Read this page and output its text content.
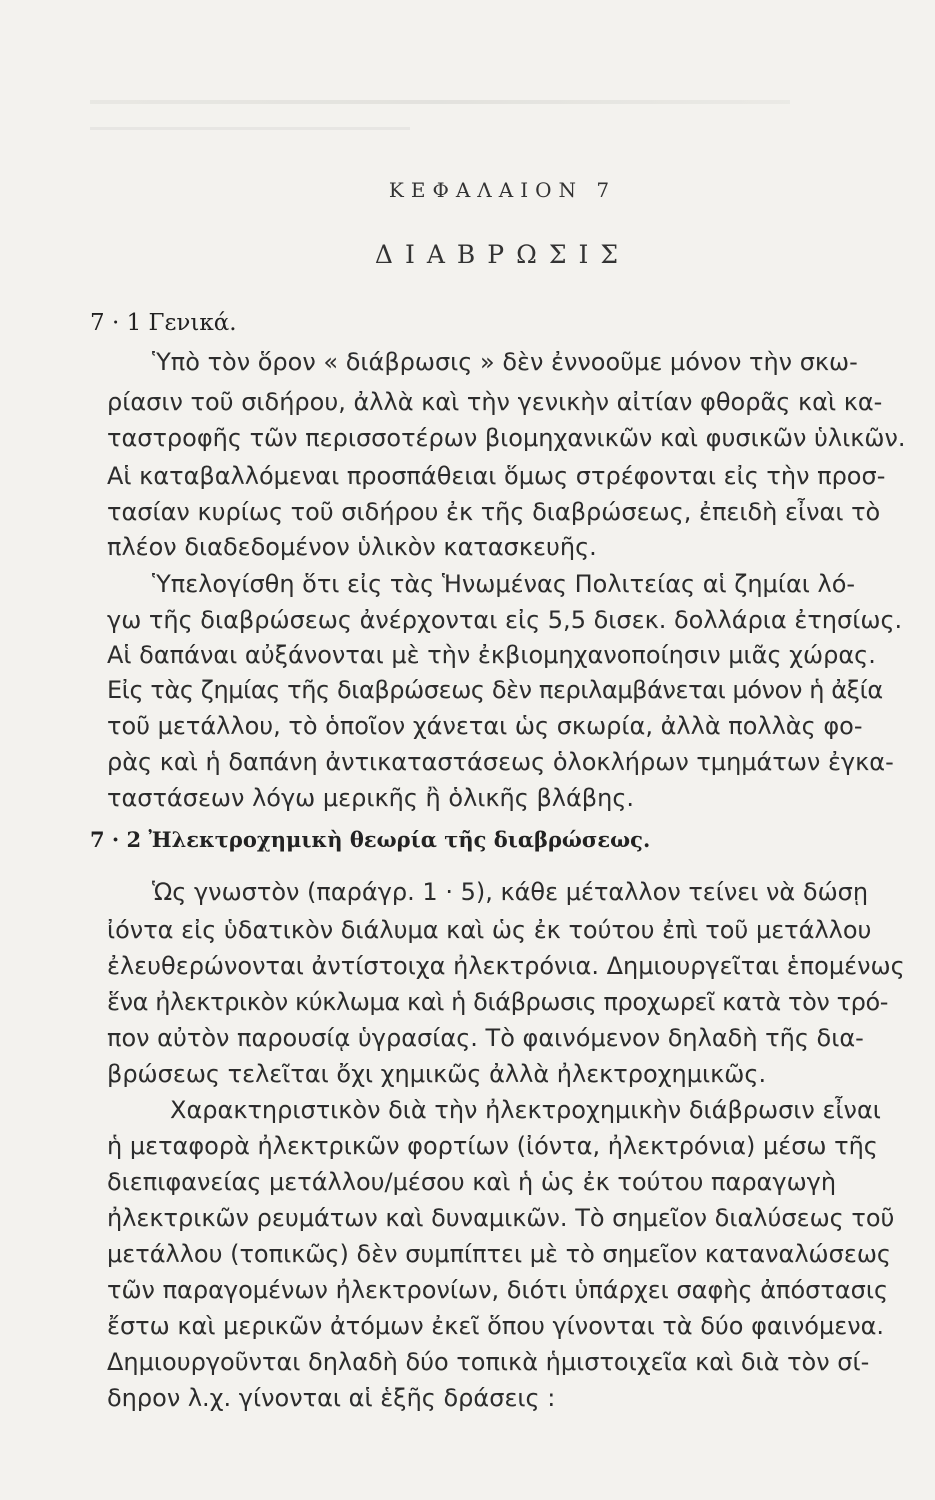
ΚΕΦΑΛΑΙΟΝ 7
ΔΙΑΒΡΩΣΙΣ
7 · 1 Γενικά.
Ὑπὸ τὸν ὅρον « διάβρωσις » δὲν ἐννοοῦμε μόνον τὴν σκω-
ρίασιν τοῦ σιδήρου, ἀλλὰ καὶ τὴν γενικὴν αἰτίαν φθορᾶς καὶ κα-
ταστροφῆς τῶν περισσοτέρων βιομηχανικῶν καὶ φυσικῶν ὑλικῶν.
Αἱ καταβαλλόμεναι προσπάθειαι ὅμως στρέφονται εἰς τὴν προσ-
τασίαν κυρίως τοῦ σιδήρου ἐκ τῆς διαβρώσεως, ἐπειδὴ εἶναι τὸ
πλέον διαδεδομένον ὑλικὸν κατασκευῆς.
Ὑπελογίσθη ὅτι εἰς τὰς Ἡνωμένας Πολιτείας αἱ ζημίαι λό-
γω τῆς διαβρώσεως ἀνέρχονται εἰς 5,5 δισεκ. δολλάρια ἐτησίως.
Αἱ δαπάναι αὐξάνονται μὲ τὴν ἐκβιομηχανοποίησιν μιᾶς χώρας.
Εἰς τὰς ζημίας τῆς διαβρώσεως δὲν περιλαμβάνεται μόνον ἡ ἀξία
τοῦ μετάλλου, τὸ ὁποῖον χάνεται ὡς σκωρία, ἀλλὰ πολλὰς φο-
ρὰς καὶ ἡ δαπάνη ἀντικαταστάσεως ὁλοκλήρων τμημάτων ἐγκα-
ταστάσεων λόγω μερικῆς ἢ ὁλικῆς βλάβης.
7 · 2 Ἠλεκτροχημικὴ θεωρία τῆς διαβρώσεως.
Ὡς γνωστὸν (παράγρ. 1 · 5), κάθε μέταλλον τείνει νὰ δώσῃ
ἰόντα εἰς ὑδατικὸν διάλυμα καὶ ὡς ἐκ τούτου ἐπὶ τοῦ μετάλλου
ἐλευθερώνονται ἀντίστοιχα ἠλεκτρόνια. Δημιουργεῖται ἑπομένως
ἕνα ἠλεκτρικὸν κύκλωμα καὶ ἡ διάβρωσις προχωρεῖ κατὰ τὸν τρό-
πον αὐτὸν παρουσίᾳ ὑγρασίας. Τὸ φαινόμενον δηλαδὴ τῆς δια-
βρώσεως τελεῖται ὄχι χημικῶς ἀλλὰ ἠλεκτροχημικῶς.
Χαρακτηριστικὸν διὰ τὴν ἠλεκτροχημικὴν διάβρωσιν εἶναι
ἡ μεταφορὰ ἠλεκτρικῶν φορτίων (ἰόντα, ἠλεκτρόνια) μέσω τῆς
διεπιφανείας μετάλλου/μέσου καὶ ἡ ὡς ἐκ τούτου παραγωγὴ
ἠλεκτρικῶν ρευμάτων καὶ δυναμικῶν. Τὸ σημεῖον διαλύσεως τοῦ
μετάλλου (τοπικῶς) δὲν συμπίπτει μὲ τὸ σημεῖον καταναλώσεως
τῶν παραγομένων ἠλεκτρονίων, διότι ὑπάρχει σαφὴς ἀπόστασις
ἔστω καὶ μερικῶν ἀτόμων ἐκεῖ ὅπου γίνονται τὰ δύο φαινόμενα.
Δημιουργοῦνται δηλαδὴ δύο τοπικὰ ἡμιστοιχεῖα καὶ διὰ τὸν σί-
δηρον λ.χ. γίνονται αἱ ἑξῆς δράσεις :
